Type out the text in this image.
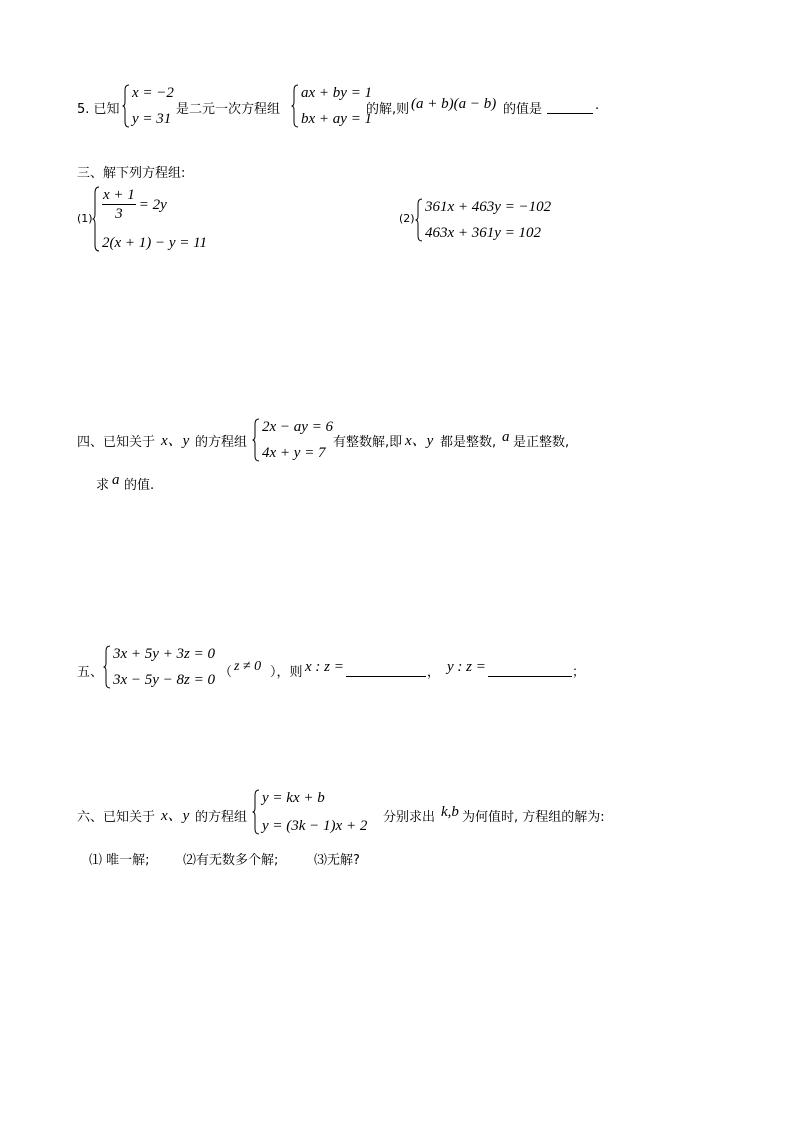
5. 已知
x = −2
y = 31
是二元一次方程组
ax + by = 1
bx + ay = 1
的解,则 (a + b)(a − b) 的值是	.
三、解下列方程组:
$(1) \frac{x + 1}{3} = 2y$
2(x + 1) − y = 11
(2)
361x + 463y = −102
463x + 361y = 102
四、已知关于 x、y 的方程组
2x − ay = 6
4x + y = 7
有整数解,即 x、y 都是整数, a 是正整数,
求 a 的值.
五、
3x + 5y + 3z = 0
3x − 5y − 8z = 0 （ z ≠ 0 ），则 x : z =	， y : z =	；
六、已知关于 x、y 的方程组
y = kx + b
y = (3k − 1)x + 2
分别求出 k,b 为何值时, 方程组的解为:
⑴ 唯一解;	⑵有无数多个解;	⑶无解?
